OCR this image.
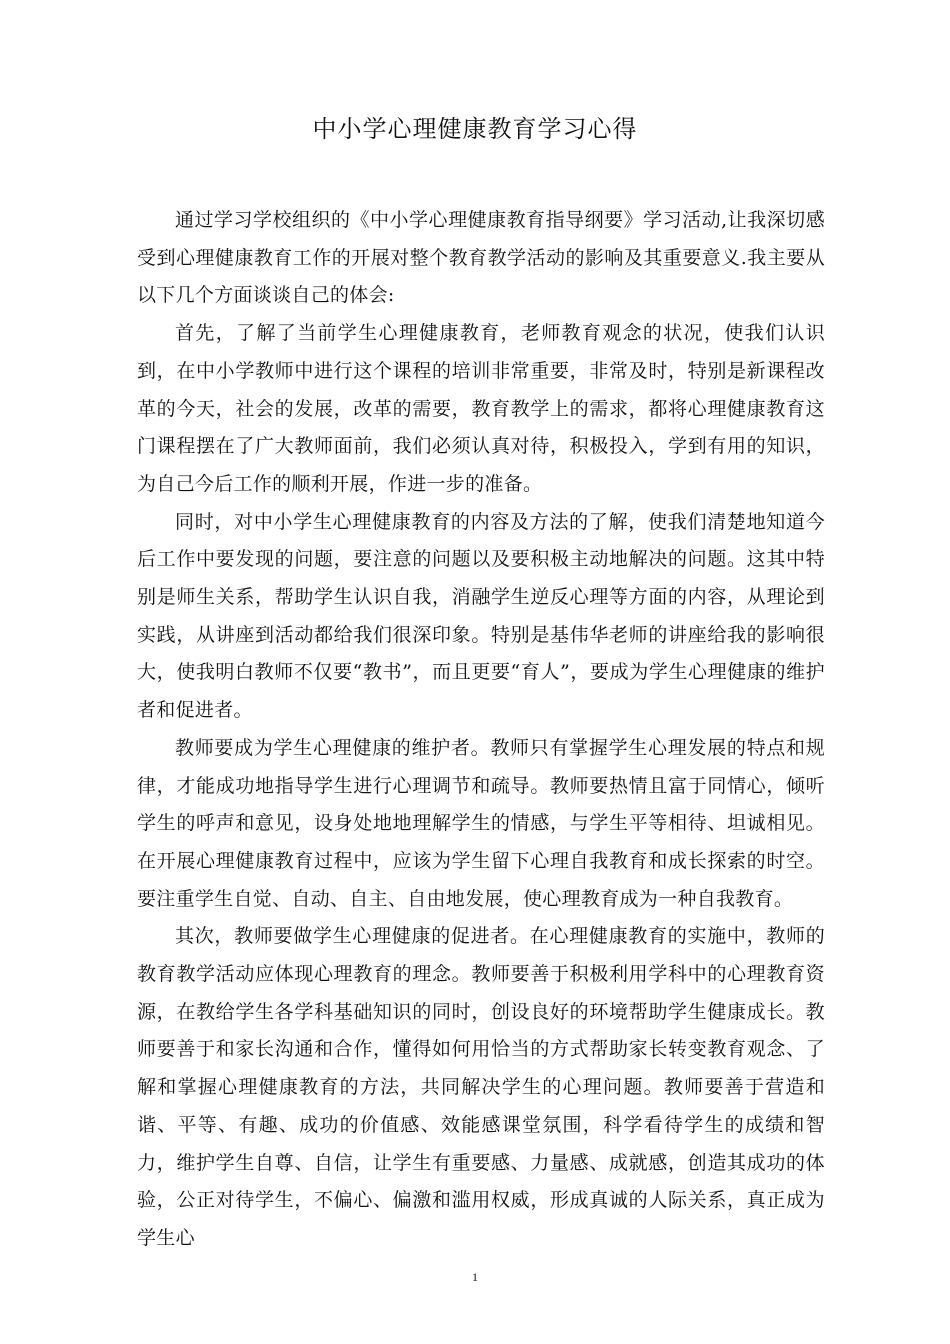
中小学心理健康教育学习心得

通过学习学校组织的《中小学心理健康教育指导纲要》学习活动,让我深切感受到心理健康教育工作的开展对整个教育教学活动的影响及其重要意义.我主要从以下几个方面谈谈自己的体会:

首先，了解了当前学生心理健康教育，老师教育观念的状况，使我们认识到，在中小学教师中进行这个课程的培训非常重要，非常及时，特别是新课程改革的今天，社会的发展，改革的需要，教育教学上的需求，都将心理健康教育这门课程摆在了广大教师面前，我们必须认真对待，积极投入，学到有用的知识，为自己今后工作的顺利开展，作进一步的准备。

同时，对中小学生心理健康教育的内容及方法的了解，使我们清楚地知道今后工作中要发现的问题，要注意的问题以及要积极主动地解决的问题。这其中特别是师生关系，帮助学生认识自我，消融学生逆反心理等方面的内容，从理论到实践，从讲座到活动都给我们很深印象。特别是基伟华老师的讲座给我的影响很大，使我明白教师不仅要“教书”，而且更要“育人”，要成为学生心理健康的维护者和促进者。

教师要成为学生心理健康的维护者。教师只有掌握学生心理发展的特点和规律，才能成功地指导学生进行心理调节和疏导。教师要热情且富于同情心，倾听学生的呼声和意见，设身处地地理解学生的情感，与学生平等相待、坦诚相见。在开展心理健康教育过程中，应该为学生留下心理自我教育和成长探索的时空。要注重学生自觉、自动、自主、自由地发展，使心理教育成为一种自我教育。

其次，教师要做学生心理健康的促进者。在心理健康教育的实施中，教师的教育教学活动应体现心理教育的理念。教师要善于积极利用学科中的心理教育资源，在教给学生各学科基础知识的同时，创设良好的环境帮助学生健康成长。教师要善于和家长沟通和合作，懂得如何用恰当的方式帮助家长转变教育观念、了解和掌握心理健康教育的方法，共同解决学生的心理问题。教师要善于营造和谐、平等、有趣、成功的价值感、效能感课堂氛围，科学看待学生的成绩和智力，维护学生自尊、自信，让学生有重要感、力量感、成就感，创造其成功的体验，公正对待学生，不偏心、偏激和滥用权威，形成真诚的人际关系，真正成为学生心

1
